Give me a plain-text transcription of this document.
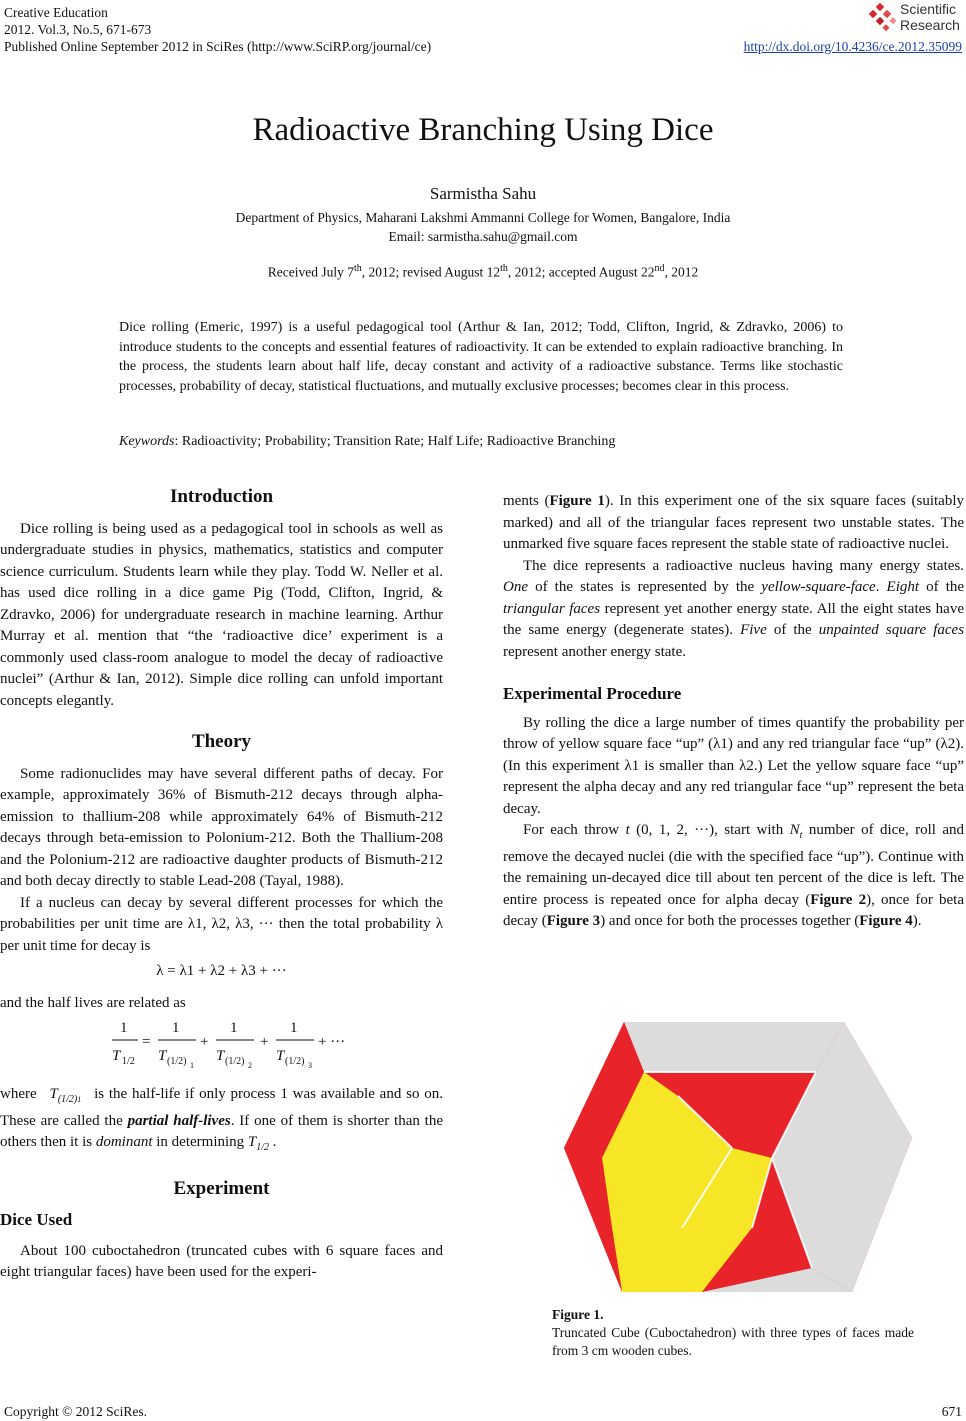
Creative Education
2012. Vol.3, No.5, 671-673
Published Online September 2012 in SciRes (http://www.SciRP.org/journal/ce)	http://dx.doi.org/10.4236/ce.2012.35099
Scientific
Research
Radioactive Branching Using Dice
Sarmistha Sahu
Department of Physics, Maharani Lakshmi Ammanni College for Women, Bangalore, India
Email: sarmistha.sahu@gmail.com
Received July 7th, 2012; revised August 12th, 2012; accepted August 22nd, 2012
Dice rolling (Emeric, 1997) is a useful pedagogical tool (Arthur & Ian, 2012; Todd, Clifton, Ingrid, & Zdravko, 2006) to introduce students to the concepts and essential features of radioactivity. It can be extended to explain radioactive branching. In the process, the students learn about half life, decay constant and activity of a radioactive substance. Terms like stochastic processes, probability of decay, statistical fluctuations, and mutually exclusive processes; becomes clear in this process.
Keywords: Radioactivity; Probability; Transition Rate; Half Life; Radioactive Branching
Introduction

Dice rolling is being used as a pedagogical tool in schools as well as undergraduate studies in physics, mathematics, statistics and computer science curriculum. Students learn while they play. Todd W. Neller et al. has used dice rolling in a dice game Pig (Todd, Clifton, Ingrid, & Zdravko, 2006) for undergraduate research in machine learning. Arthur Murray et al. mention that “the ‘radioactive dice’ experiment is a commonly used class-room analogue to model the decay of radioactive nuclei” (Arthur & Ian, 2012). Simple dice rolling can unfold important concepts elegantly.

Theory

Some radionuclides may have several different paths of decay. For example, approximately 36% of Bismuth-212 decays through alpha-emission to thallium-208 while approximately 64% of Bismuth-212 decays through beta-emission to Polonium-212. Both the Thallium-208 and the Polonium-212 are radioactive daughter products of Bismuth-212 and both decay directly to stable Lead-208 (Tayal, 1988).

If a nucleus can decay by several different processes for which the probabilities per unit time are λ1, λ2, λ3, ··· then the total probability λ per unit time for decay is

λ = λ1 + λ2 + λ3 + ···

and the half lives are related as

1
T 1/2
=
1
T (1/2) 1
+
1
T (1/2) 2
+
1
T (1/2) 3
+ ···

where $T_{(1/2)1}$ is the half-life if only process 1 was available and so on. These are called the partial half-lives. If one of them is shorter than the others then it is dominant in determining $T_{1/2}$ .

Experiment
Dice Used

About 100 cuboctahedron (truncated cubes with 6 square faces and eight triangular faces) have been used for the experi-

ments (Figure 1). In this experiment one of the six square faces (suitably marked) and all of the triangular faces represent two unstable states. The unmarked five square faces represent the stable state of radioactive nuclei.

The dice represents a radioactive nucleus having many energy states. One of the states is represented by the yellow-square-face. Eight of the triangular faces represent yet another energy state. All the eight states have the same energy (degenerate states). Five of the unpainted square faces represent another energy state.

Experimental Procedure

By rolling the dice a large number of times quantify the probability per throw of yellow square face “up” (λ1) and any red triangular face “up” (λ2). (In this experiment λ1 is smaller than λ2.) Let the yellow square face “up” represent the alpha decay and any red triangular face “up” represent the beta decay.

For each throw t (0, 1, 2, ···), start with $N_t$ number of dice, roll and remove the decayed nuclei (die with the specified face “up”). Continue with the remaining un-decayed dice till about ten percent of the dice is left. The entire process is repeated once for alpha decay (Figure 2), once for beta decay (Figure 3) and once for both the processes together (Figure 4).

Figure 1.
Truncated Cube (Cuboctahedron) with three types of faces made from 3 cm wooden cubes.
Copyright © 2012 SciRes.	671
